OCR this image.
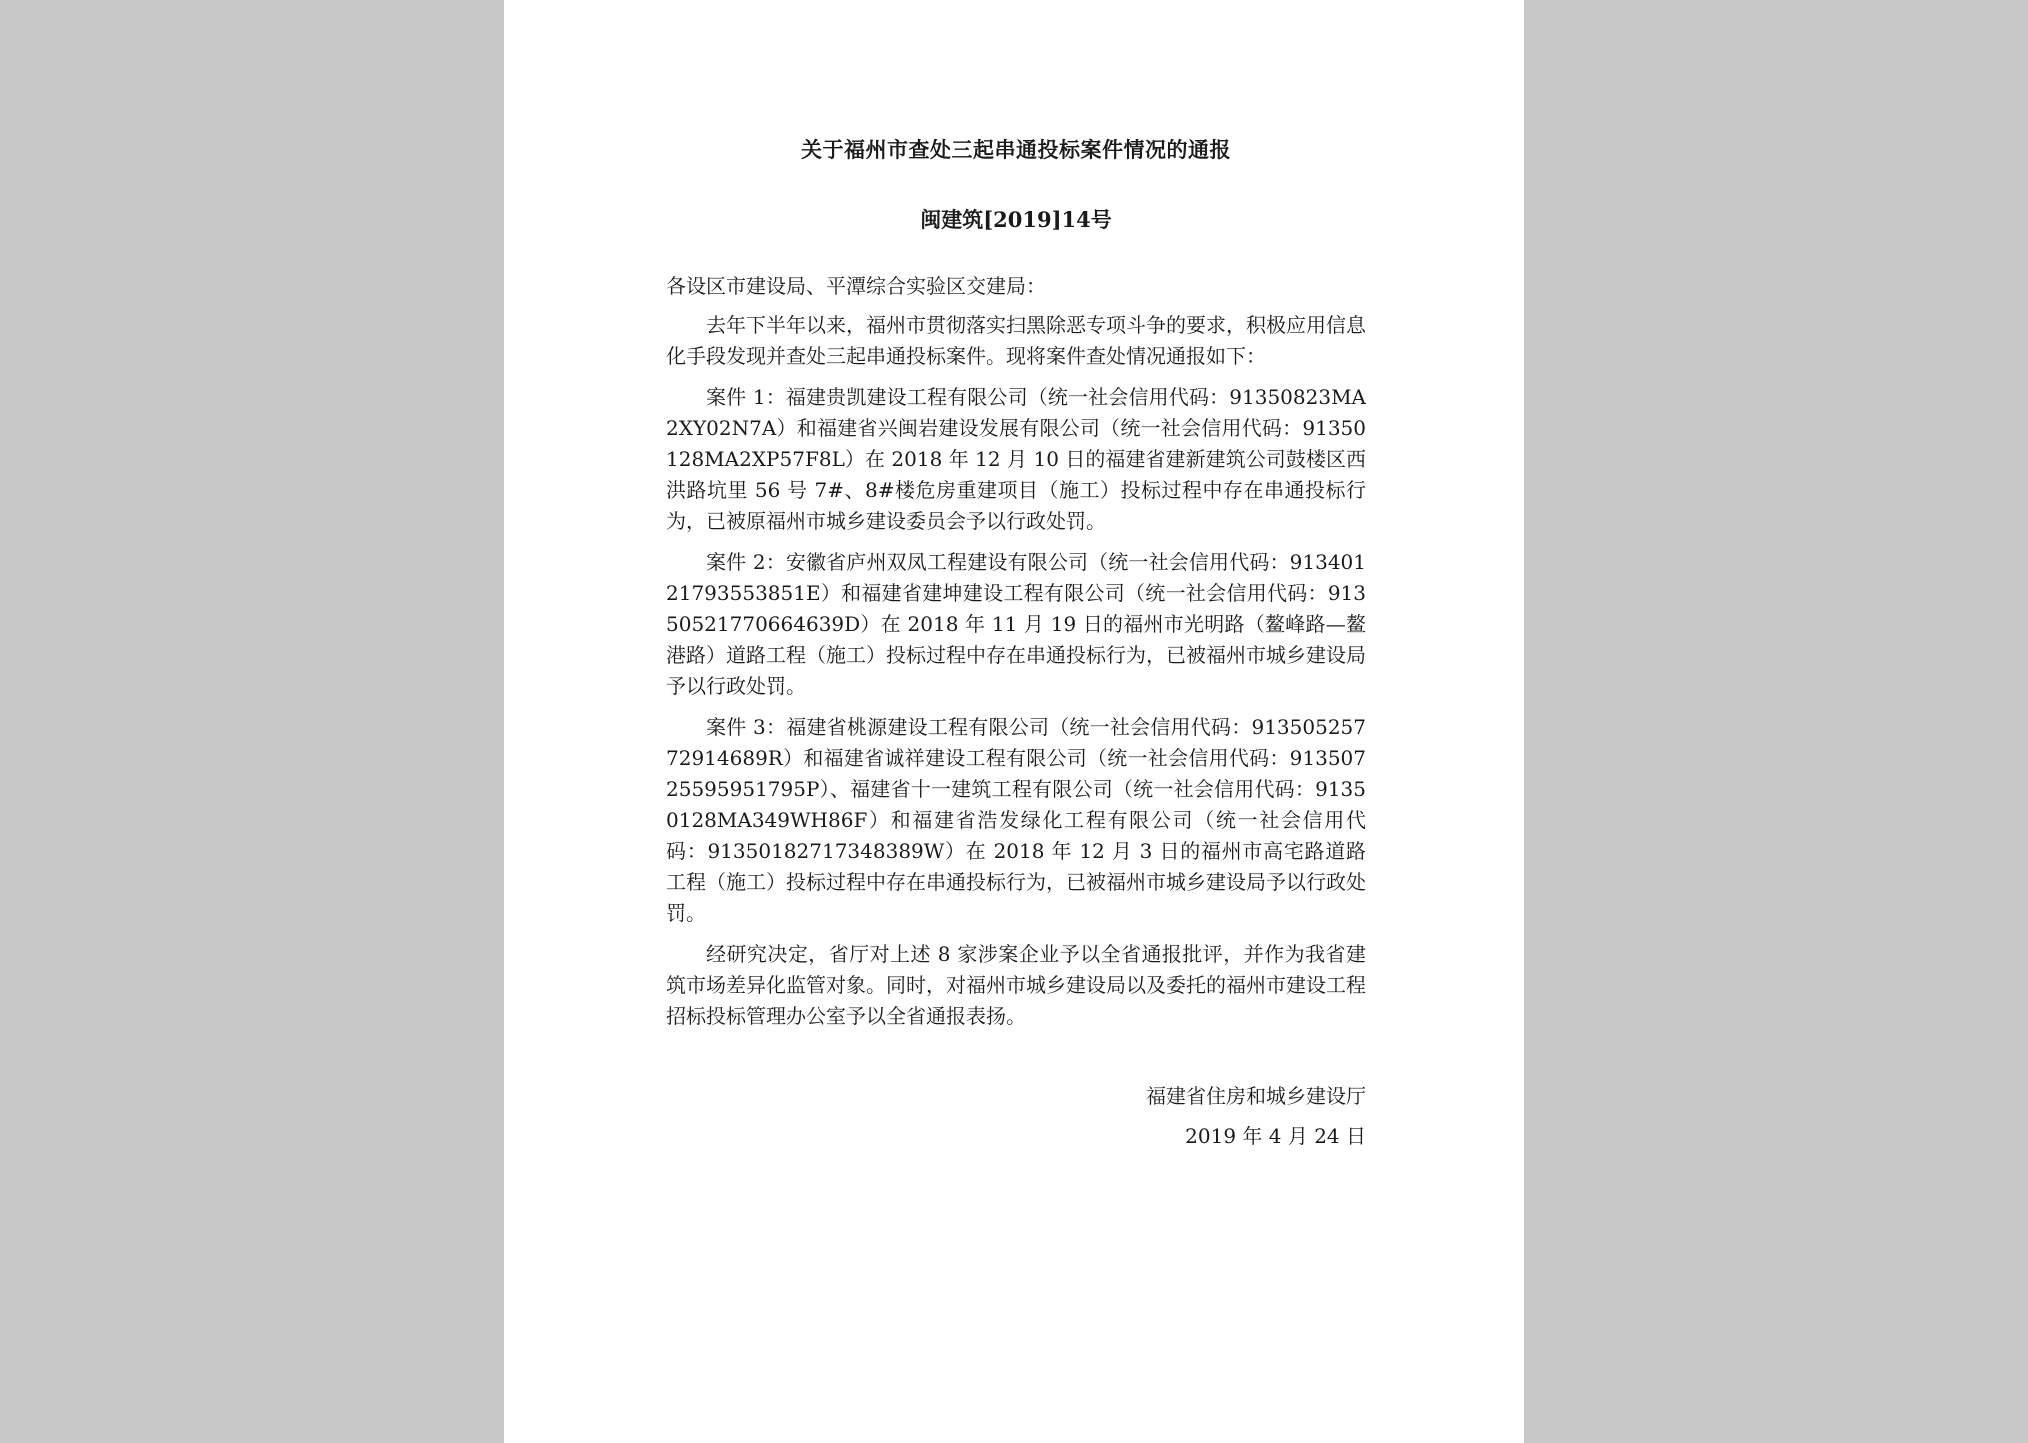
关于福州市查处三起串通投标案件情况的通报
闽建筑[2019]14号
各设区市建设局、平潭综合实验区交建局：

去年下半年以来，福州市贯彻落实扫黑除恶专项斗争的要求，积极应用信息化手段发现并查处三起串通投标案件。现将案件查处情况通报如下：

案件 1：福建贵凯建设工程有限公司（统一社会信用代码：91350823MA2XY02N7A）和福建省兴闽岩建设发展有限公司（统一社会信用代码：91350128MA2XP57F8L）在 2018 年 12 月 10 日的福建省建新建筑公司鼓楼区西洪路坑里 56 号 7#、8#楼危房重建项目（施工）投标过程中存在串通投标行为，已被原福州市城乡建设委员会予以行政处罚。

案件 2：安徽省庐州双凤工程建设有限公司（统一社会信用代码：913401217935538​51E）和福建省建坤建设工程有限公司（统一社会信用代码：91350521770664639D）在 2018 年 11 月 19 日的福州市光明路（鳌峰路—鳌港路）道路工程（施工）投标过程中存在串通投标行为，已被福州市城乡建设局予以行政处罚。

案件 3：福建省桃源建设工程有限公司（统一社会信用代码：91350525772914689R）和福建省诚祥建设工程有限公司（统一社会信用代码：91350725595951795P）、福建省十一建筑工程有限公司（统一社会信用代码：91350128MA349WH86F）和福建省浩发绿化工程有限公司（统一社会信用代码：91350182717348389W）在 2018 年 12 月 3 日的福州市高宅路道路工程（施工）投标过程中存在串通投标行为，已被福州市城乡建设局予以行政处罚。

经研究决定，省厅对上述 8 家涉案企业予以全省通报批评，并作为我省建筑市场差异化监管对象。同时，对福州市城乡建设局以及委托的福州市建设工程招标投标管理办公室予以全省通报表扬。

福建省住房和城乡建设厅
2019 年 4 月 24 日
